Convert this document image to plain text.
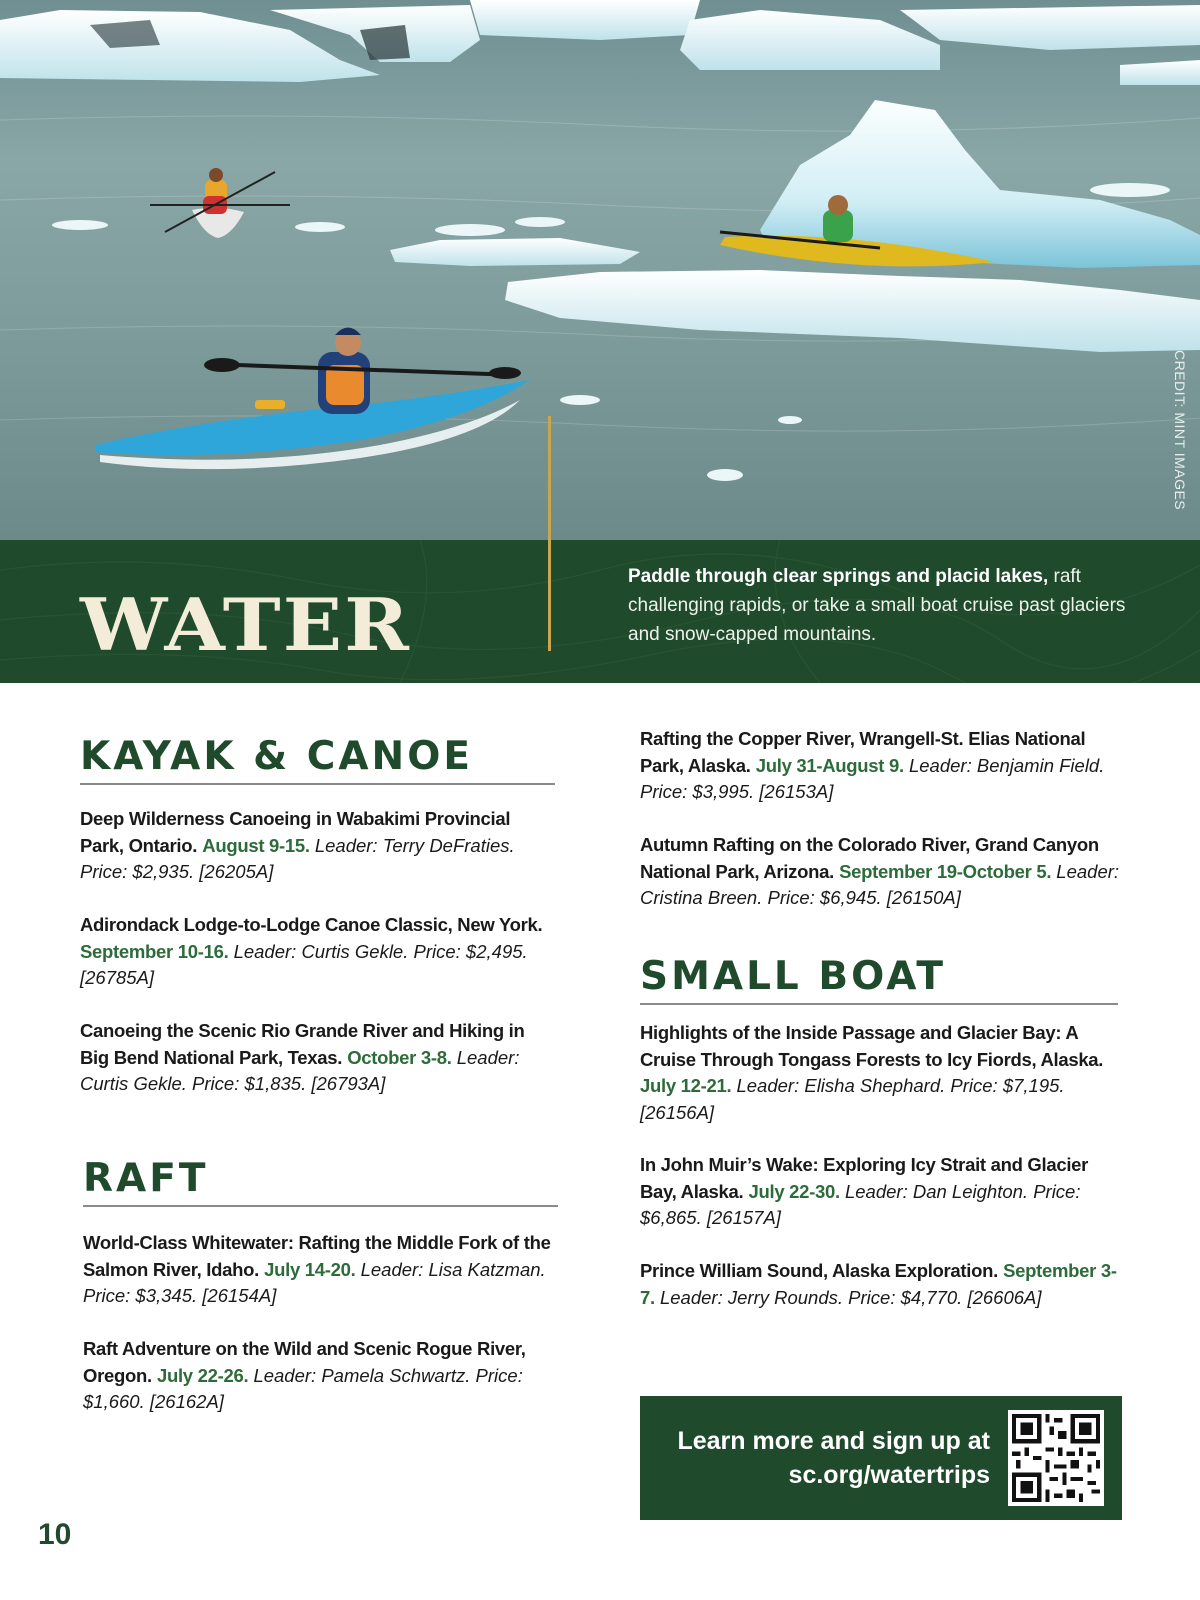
CREDIT: MINT IMAGES
WATER

Paddle through clear springs and placid lakes, raft challenging rapids, or take a small boat cruise past glaciers and snow-capped mountains.

KAYAK & CANOE
Deep Wilderness Canoeing in Wabakimi Provincial Park, Ontario. August 9-15. Leader: Terry DeFraties. Price: $2,935. [26205A]
Adirondack Lodge-to-Lodge Canoe Classic, New York. September 10-16. Leader: Curtis Gekle. Price: $2,495. [26785A]
Canoeing the Scenic Rio Grande River and Hiking in Big Bend National Park, Texas. October 3-8. Leader: Curtis Gekle. Price: $1,835. [26793A]
RAFT
World-Class Whitewater: Rafting the Middle Fork of the Salmon River, Idaho. July 14-20. Leader: Lisa Katzman. Price: $3,345. [26154A]
Raft Adventure on the Wild and Scenic Rogue River, Oregon. July 22-26. Leader: Pamela Schwartz. Price: $1,660. [26162A]
Rafting the Copper River, Wrangell-St. Elias National Park, Alaska. July 31-August 9. Leader: Benjamin Field. Price: $3,995. [26153A]
Autumn Rafting on the Colorado River, Grand Canyon National Park, Arizona. September 19-October 5. Leader: Cristina Breen. Price: $6,945. [26150A]
SMALL BOAT
Highlights of the Inside Passage and Glacier Bay: A Cruise Through Tongass Forests to Icy Fiords, Alaska. July 12-21. Leader: Elisha Shephard. Price: $7,195. [26156A]
In John Muir’s Wake: Exploring Icy Strait and Glacier Bay, Alaska. July 22-30. Leader: Dan Leighton. Price: $6,865. [26157A]
Prince William Sound, Alaska Exploration. September 3-7. Leader: Jerry Rounds. Price: $4,770. [26606A]
Learn more and sign up at
sc.org/watertrips
10
